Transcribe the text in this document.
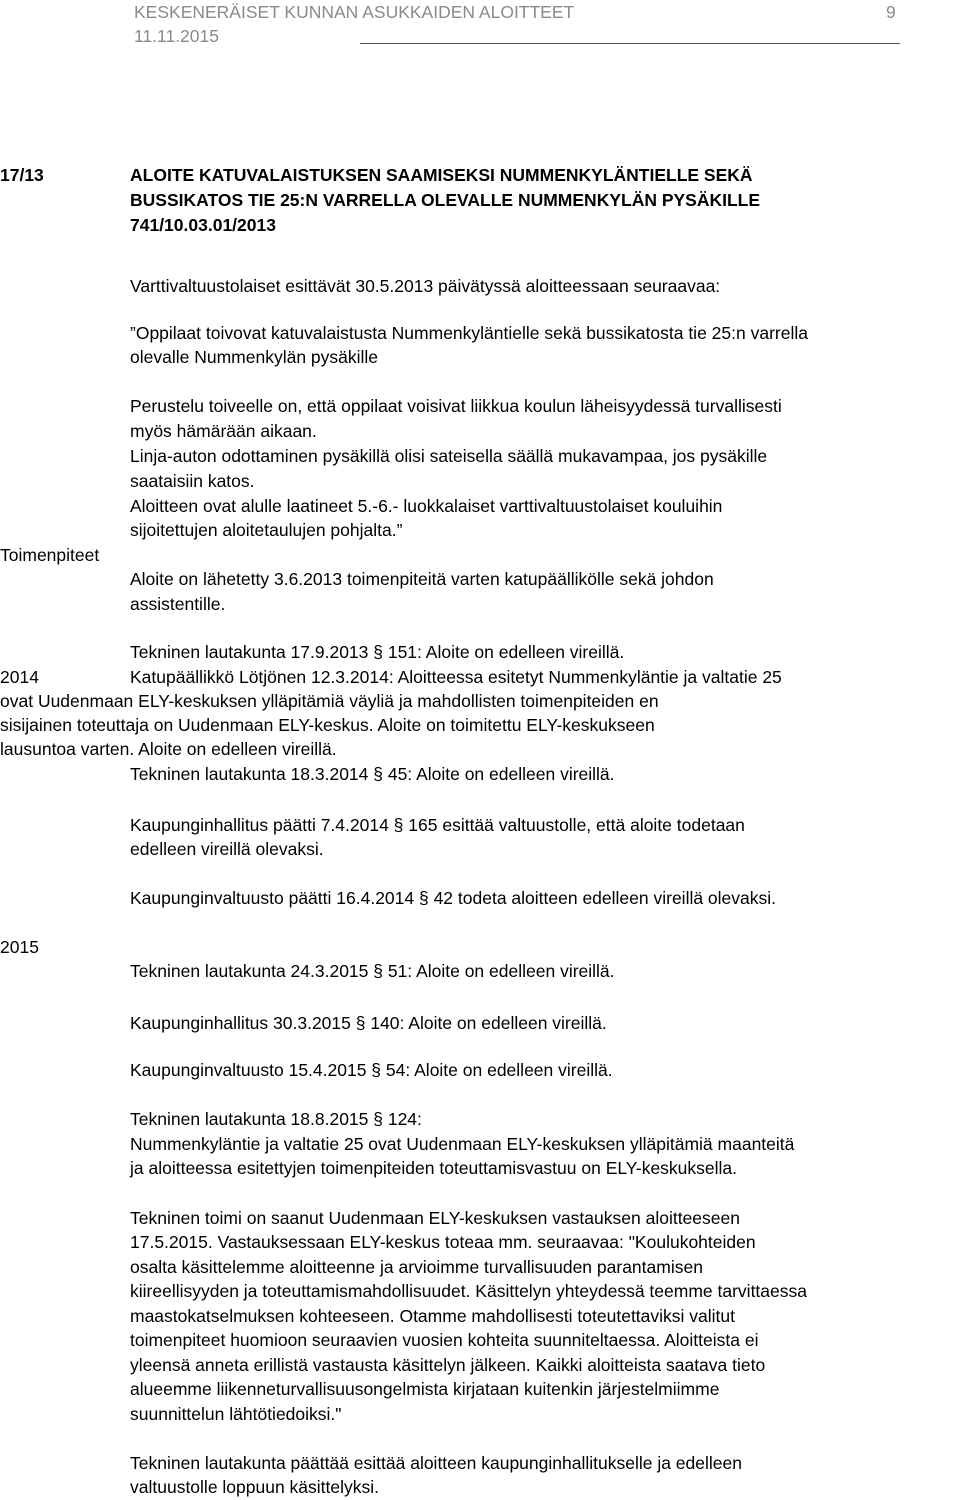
KESKENERÄISET KUNNAN ASUKKAIDEN ALOITTEET	9
11.11.2015
17/13	ALOITE KATUVALAISTUKSEN SAAMISEKSI NUMMENKYLÄNTIELLE SEKÄ
BUSSIKATOS TIE 25:N VARRELLA OLEVALLE NUMMENKYLÄN PYSÄKILLE
741/10.03.01/2013
Varttivaltuustolaiset esittävät 30.5.2013 päivätyssä aloitteessaan seuraavaa:
”Oppilaat toivovat katuvalaistusta Nummenkyläntielle sekä bussikatosta tie 25:n varrella
olevalle Nummenkylän pysäkille
Perustelu toiveelle on, että oppilaat voisivat liikkua koulun läheisyydessä turvallisesti
myös hämärään aikaan.
Linja-auton odottaminen pysäkillä olisi sateisella säällä mukavampaa, jos pysäkille
saataisiin katos.
Aloitteen ovat alulle laatineet 5.-6.- luokkalaiset varttivaltuustolaiset kouluihin
sijoitettujen aloitetaulujen pohjalta.”
Toimenpiteet
Aloite on lähetetty 3.6.2013 toimenpiteitä varten katupäällikölle sekä johdon
assistentille.
Tekninen lautakunta 17.9.2013 § 151: Aloite on edelleen vireillä.
2014	Katupäällikkö Lötjönen 12.3.2014: Aloitteessa esitetyt Nummenkyläntie ja valtatie 25
ovat Uudenmaan ELY-keskuksen ylläpitämiä väyliä ja mahdollisten toimenpiteiden en
sisijainen toteuttaja on Uudenmaan ELY-keskus. Aloite on toimitettu ELY-keskukseen
lausuntoa varten. Aloite on edelleen vireillä.
Tekninen lautakunta 18.3.2014 § 45: Aloite on edelleen vireillä.
Kaupunginhallitus päätti 7.4.2014 § 165 esittää valtuustolle, että aloite todetaan
edelleen vireillä olevaksi.
Kaupunginvaltuusto päätti 16.4.2014 § 42 todeta aloitteen edelleen vireillä olevaksi.
2015
Tekninen lautakunta 24.3.2015 § 51: Aloite on edelleen vireillä.
Kaupunginhallitus 30.3.2015 § 140: Aloite on edelleen vireillä.
Kaupunginvaltuusto 15.4.2015 § 54: Aloite on edelleen vireillä.
Tekninen lautakunta 18.8.2015 § 124:
Nummenkyläntie ja valtatie 25 ovat Uudenmaan ELY-keskuksen ylläpitämiä maanteitä
ja aloitteessa esitettyjen toimenpiteiden toteuttamisvastuu on ELY-keskuksella.
Tekninen toimi on saanut Uudenmaan ELY-keskuksen vastauksen aloitteeseen
17.5.2015. Vastauksessaan ELY-keskus toteaa mm. seuraavaa: "Koulukohteiden
osalta käsittelemme aloitteenne ja arvioimme turvallisuuden parantamisen
kiireellisyyden ja toteuttamismahdollisuudet. Käsittelyn yhteydessä teemme tarvittaessa
maastokatselmuksen kohteeseen. Otamme mahdollisesti toteutettaviksi valitut
toimenpiteet huomioon seuraavien vuosien kohteita suunniteltaessa. Aloitteista ei
yleensä anneta erillistä vastausta käsittelyn jälkeen. Kaikki aloitteista saatava tieto
alueemme liikenneturvallisuusongelmista kirjataan kuitenkin järjestelmiimme
suunnittelun lähtötiedoiksi."
Tekninen lautakunta päättää esittää aloitteen kaupunginhallitukselle ja edelleen
valtuustolle loppuun käsittelyksi.
